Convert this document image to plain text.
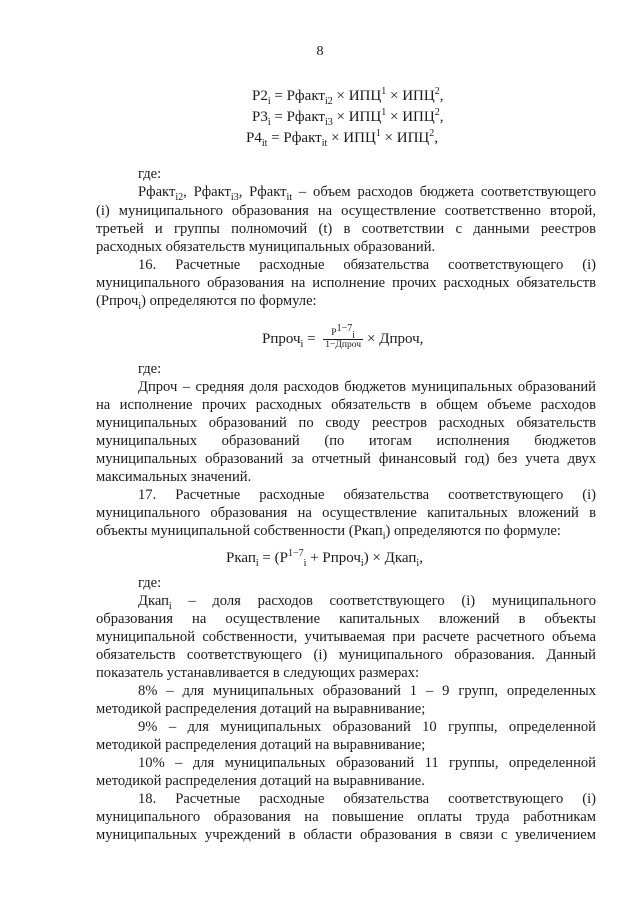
8
$Р2_i$ = Рфакт$_{i2}$ × $ИПЦ^1 \times ИПЦ^2$,
$Р3_i$ = Рфакт$_{i3}$ × $ИПЦ^1 \times ИПЦ^2$,
$Р4_{it}$ = Рфакт$_{it}$ × $ИПЦ^1 \times ИПЦ^2$,
где:
Рфакт$_{i2}$, Рфакт$_{i3}$, Рфакт$_{it}$ – объем расходов бюджета соответствующего
(i) муниципального образования на осуществление соответственно второй,
третьей и группы полномочий (t) в соответствии с данными реестров
расходных обязательств муниципальных образований.
16. Расчетные расходные обязательства соответствующего (i)
муниципального образования на исполнение прочих расходных обязательств
(Рпроч$_i$) определяются по формуле:
Рпроч$_i$ = $\frac{P^{1-7}_i}{\text{1−Дпроч}}$ × Дпроч,
где:
Дпроч – средняя доля расходов бюджетов муниципальных образований
на исполнение прочих расходных обязательств в общем объеме расходов
муниципальных образований по своду реестров расходных обязательств
муниципальных образований (по итогам исполнения бюджетов
муниципальных образований за отчетный финансовый год) без учета двух
максимальных значений.
17. Расчетные расходные обязательства соответствующего (i)
муниципального образования на осуществление капитальных вложений в
объекты муниципальной собственности (Ркап$_i$) определяются по формуле:
Ркап$_i$ = ($P^{1-7}_i$ + Рпроч$_i$) × Дкап$_i$,
где:
Дкап$_i$ – доля расходов соответствующего (i) муниципального
образования на осуществление капитальных вложений в объекты
муниципальной собственности, учитываемая при расчете расчетного объема
обязательств соответствующего (i) муниципального образования. Данный
показатель устанавливается в следующих размерах:
8% – для муниципальных образований 1 – 9 групп, определенных
методикой распределения дотаций на выравнивание;
9% – для муниципальных образований 10 группы, определенной
методикой распределения дотаций на выравнивание;
10% – для муниципальных образований 11 группы, определенной
методикой распределения дотаций на выравнивание.
18. Расчетные расходные обязательства соответствующего (i)
муниципального образования на повышение оплаты труда работникам
муниципальных учреждений в области образования в связи с увеличением
